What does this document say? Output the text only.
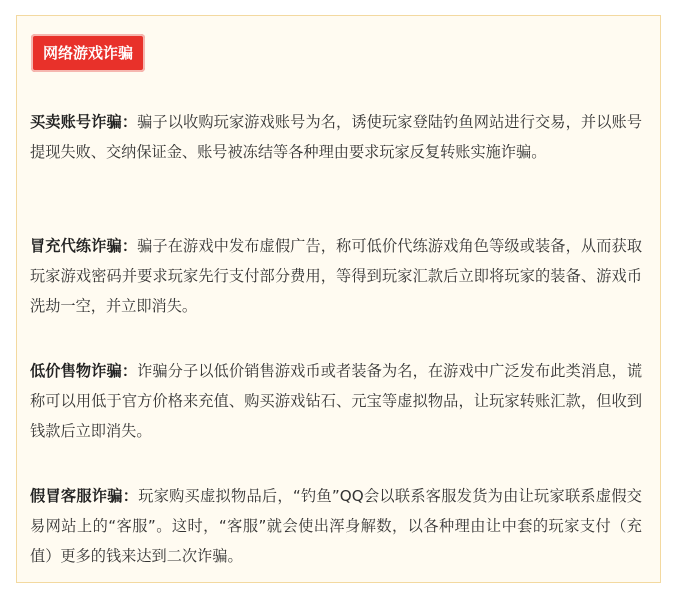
网络游戏诈骗
买卖账号诈骗：骗子以收购玩家游戏账号为名，诱使玩家登陆钓鱼网站进行交易，并以账号提现失败、交纳保证金、账号被冻结等各种理由要求玩家反复转账实施诈骗。
冒充代练诈骗：骗子在游戏中发布虚假广告，称可低价代练游戏角色等级或装备，从而获取玩家游戏密码并要求玩家先行支付部分费用，等得到玩家汇款后立即将玩家的装备、游戏币洗劫一空，并立即消失。
低价售物诈骗：诈骗分子以低价销售游戏币或者装备为名，在游戏中广泛发布此类消息，谎称可以用低于官方价格来充值、购买游戏钻石、元宝等虚拟物品，让玩家转账汇款，但收到钱款后立即消失。
假冒客服诈骗：玩家购买虚拟物品后，“钓鱼”QQ会以联系客服发货为由让玩家联系虚假交易网站上的“客服”。这时，“客服”就会使出浑身解数，以各种理由让中套的玩家支付（充值）更多的钱来达到二次诈骗。
